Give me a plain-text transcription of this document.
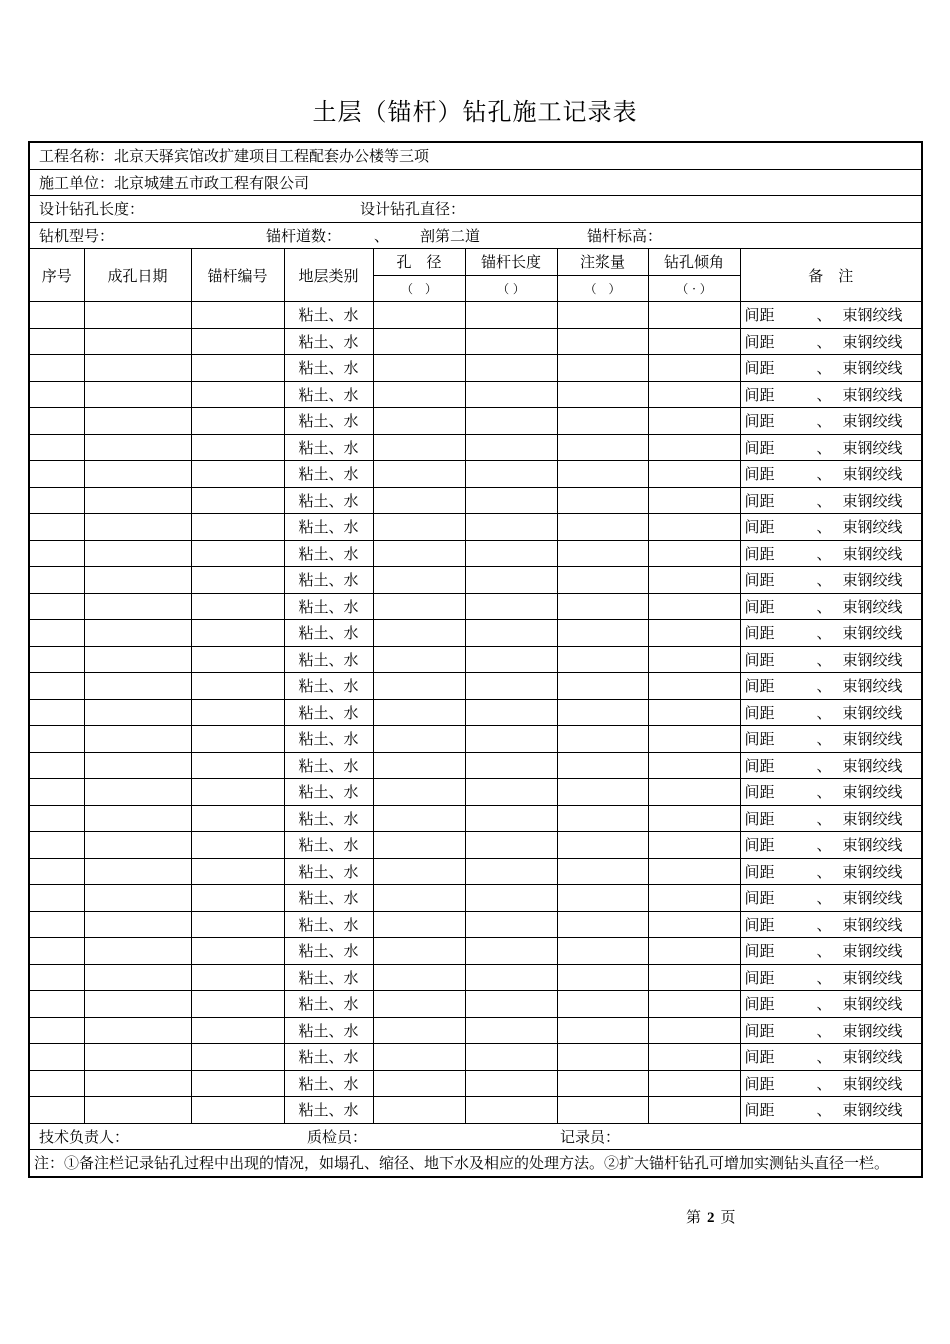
土层（锚杆）钻孔施工记录表
工程名称：北京天驿宾馆改扩建项目工程配套办公楼等三项								
施工单位：北京城建五市政工程有限公司								
设计钻孔长度： 设计钻孔直径：								
钻机型号： 锚杆道数： 、 剖第二道 锚杆标高：								
序号	成孔日期	锚杆编号	地层类别	孔　径	锚杆长度	注浆量	钻孔倾角	备　注
				（　）	（ ）	（　）	（ · ）	
			粘土、水					间距 、 束钢绞线
			粘土、水					间距 、 束钢绞线
			粘土、水					间距 、 束钢绞线
			粘土、水					间距 、 束钢绞线
			粘土、水					间距 、 束钢绞线
			粘土、水					间距 、 束钢绞线
			粘土、水					间距 、 束钢绞线
			粘土、水					间距 、 束钢绞线
			粘土、水					间距 、 束钢绞线
			粘土、水					间距 、 束钢绞线
			粘土、水					间距 、 束钢绞线
			粘土、水					间距 、 束钢绞线
			粘土、水					间距 、 束钢绞线
			粘土、水					间距 、 束钢绞线
			粘土、水					间距 、 束钢绞线
			粘土、水					间距 、 束钢绞线
			粘土、水					间距 、 束钢绞线
			粘土、水					间距 、 束钢绞线
			粘土、水					间距 、 束钢绞线
			粘土、水					间距 、 束钢绞线
			粘土、水					间距 、 束钢绞线
			粘土、水					间距 、 束钢绞线
			粘土、水					间距 、 束钢绞线
			粘土、水					间距 、 束钢绞线
			粘土、水					间距 、 束钢绞线
			粘土、水					间距 、 束钢绞线
			粘土、水					间距 、 束钢绞线
			粘土、水					间距 、 束钢绞线
			粘土、水					间距 、 束钢绞线
			粘土、水					间距 、 束钢绞线
			粘土、水					间距 、 束钢绞线
技术负责人： 质检员： 记录员：								
注：①备注栏记录钻孔过程中出现的情况，如塌孔、缩径、地下水及相应的处理方法。②扩大锚杆钻孔可增加实测钻头直径一栏。								
第 2 页
